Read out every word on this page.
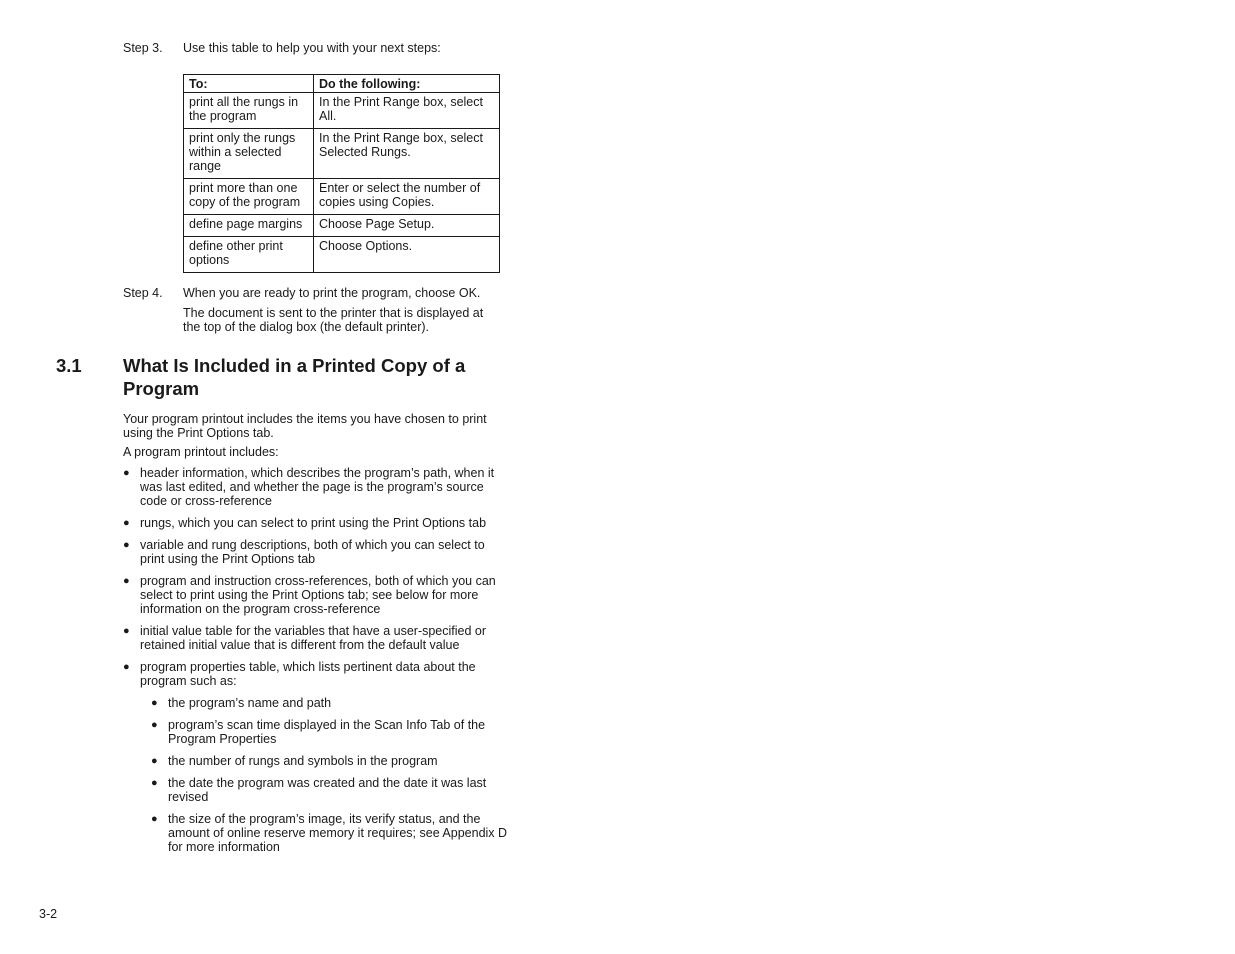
Step 3.	Use this table to help you with your next steps:
To:	Do the following:
print all the rungs in the program	In the Print Range box, select All.
print only the rungs within a selected range	In the Print Range box, select Selected Rungs.
print more than one copy of the program	Enter or select the number of copies using Copies.
define page margins	Choose Page Setup.
define other print options	Choose Options.
Step 4.	When you are ready to print the program, choose OK.
The document is sent to the printer that is displayed at the top of the dialog box (the default printer).
3.1 What Is Included in a Printed Copy of a Program
Your program printout includes the items you have chosen to print using the Print Options tab.
A program printout includes:
● header information, which describes the program’s path, when it was last edited, and whether the page is the program’s source code or cross-reference
● rungs, which you can select to print using the Print Options tab
● variable and rung descriptions, both of which you can select to print using the Print Options tab
● program and instruction cross-references, both of which you can select to print using the Print Options tab; see below for more information on the program cross-reference
● initial value table for the variables that have a user-specified or retained initial value that is different from the default value
● program properties table, which lists pertinent data about the program such as:
● the program’s name and path
● program’s scan time displayed in the Scan Info Tab of the Program Properties
● the number of rungs and symbols in the program
● the date the program was created and the date it was last revised
● the size of the program’s image, its verify status, and the amount of online reserve memory it requires; see Appendix D for more information
3-2
